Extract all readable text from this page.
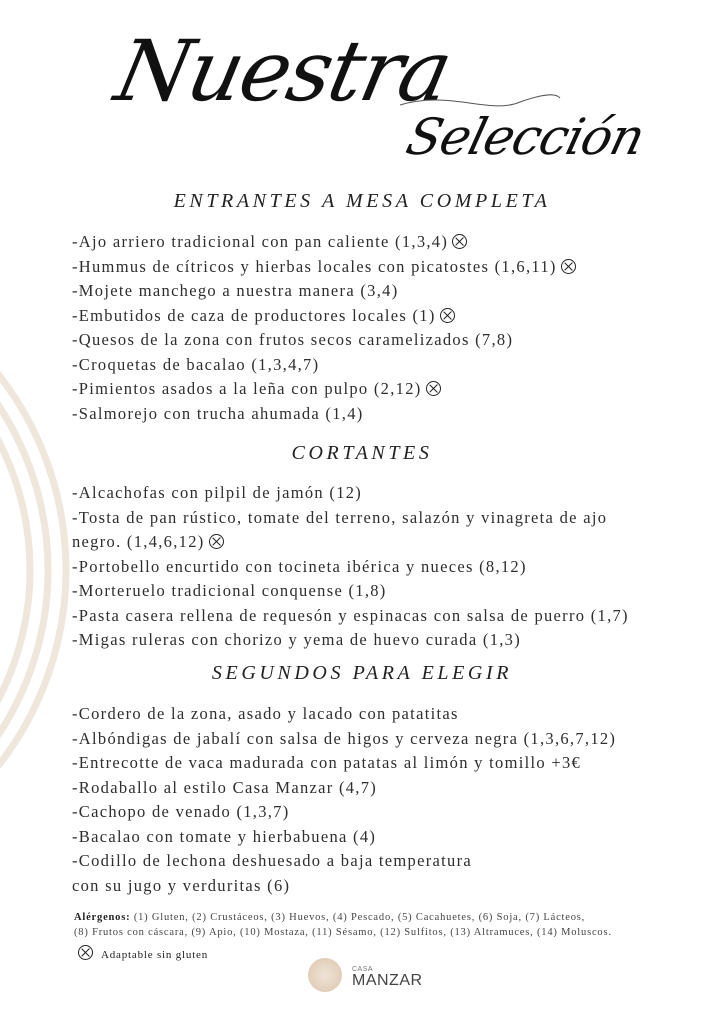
Nuestra
Selección
ENTRANTES A MESA COMPLETA
-Ajo arriero tradicional con pan caliente (1,3,4)
-Hummus de cítricos y hierbas locales con picatostes (1,6,11)
-Mojete manchego a nuestra manera (3,4)
-Embutidos de caza de productores locales (1)
-Quesos de la zona con frutos secos caramelizados (7,8)
-Croquetas de bacalao (1,3,4,7)
-Pimientos asados a la leña con pulpo (2,12)
-Salmorejo con trucha ahumada (1,4)
CORTANTES
-Alcachofas con pilpil de jamón (12)
-Tosta de pan rústico, tomate del terreno, salazón y vinagreta de ajo
negro. (1,4,6,12)
-Portobello encurtido con tocineta ibérica y nueces (8,12)
-Morteruelo tradicional conquense (1,8)
-Pasta casera rellena de requesón y espinacas con salsa de puerro (1,7)
-Migas ruleras con chorizo y yema de huevo curada (1,3)
SEGUNDOS PARA ELEGIR
-Cordero de la zona, asado y lacado con patatitas
-Albóndigas de jabalí con salsa de higos y cerveza negra (1,3,6,7,12)
-Entrecotte de vaca madurada con patatas al limón y tomillo +3€
-Rodaballo al estilo Casa Manzar (4,7)
-Cachopo de venado (1,3,7)
-Bacalao con tomate y hierbabuena (4)
-Codillo de lechona deshuesado a baja temperatura
con su jugo y verduritas (6)
Alérgenos: (1) Gluten, (2) Crustáceos, (3) Huevos, (4) Pescado, (5) Cacahuetes, (6) Soja, (7) Lácteos,
(8) Frutos con cáscara, (9) Apio, (10) Mostaza, (11) Sésamo, (12) Sulfitos, (13) Altramuces, (14) Moluscos.
Adaptable sin gluten
CASA
MANZAR
